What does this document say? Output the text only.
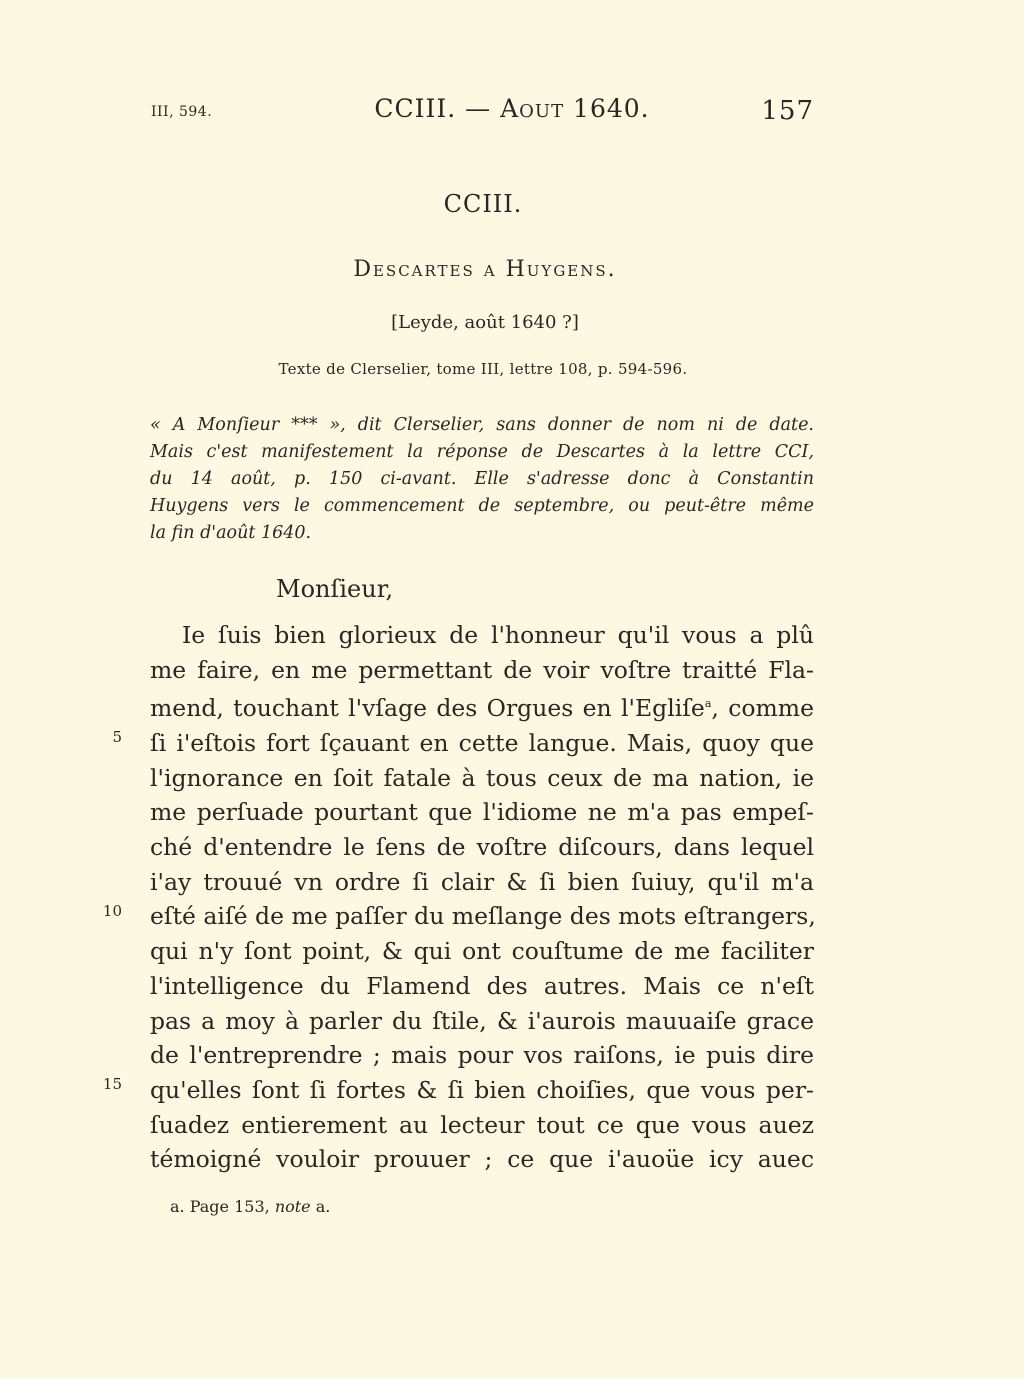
III, 594.	CCIII. — Aout 1640.	157
CCIII.
Descartes a Huygens.
[Leyde, août 1640 ?]
Texte de Clerselier, tome III, lettre 108, p. 594-596.
« A Monſieur *** », dit Clerselier, sans donner de nom ni de date.
Mais c'est manifestement la réponse de Descartes à la lettre CCI,
du 14 août, p. 150 ci-avant. Elle s'adresse donc à Constantin
Huygens vers le commencement de septembre, ou peut-être même
la fin d'août 1640.
Monſieur,
Ie ſuis bien glorieux de l'honneur qu'il vous a plû
me faire, en me permettant de voir voſtre traitté Fla-
mend, touchant l'vſage des Orgues en l'Egliſe$^a$, comme
ſi i'eſtois fort ſçauant en cette langue. Mais, quoy que
l'ignorance en ſoit fatale à tous ceux de ma nation, ie
me perſuade pourtant que l'idiome ne m'a pas empeſ-
ché d'entendre le ſens de voſtre diſcours, dans lequel
i'ay trouué vn ordre ſi clair & ſi bien ſuiuy, qu'il m'a
eſté aiſé de me paſſer du meſlange des mots eſtrangers,
qui n'y ſont point, & qui ont couſtume de me faciliter
l'intelligence du Flamend des autres. Mais ce n'eſt
pas a moy à parler du ſtile, & i'aurois mauuaiſe grace
de l'entreprendre ; mais pour vos raiſons, ie puis dire
qu'elles ſont ſi fortes & ſi bien choiſies, que vous per-
ſuadez entierement au lecteur tout ce que vous auez
témoigné vouloir prouuer ; ce que i'auoüe icy auec
5
10
15
a. Page 153, note a.
